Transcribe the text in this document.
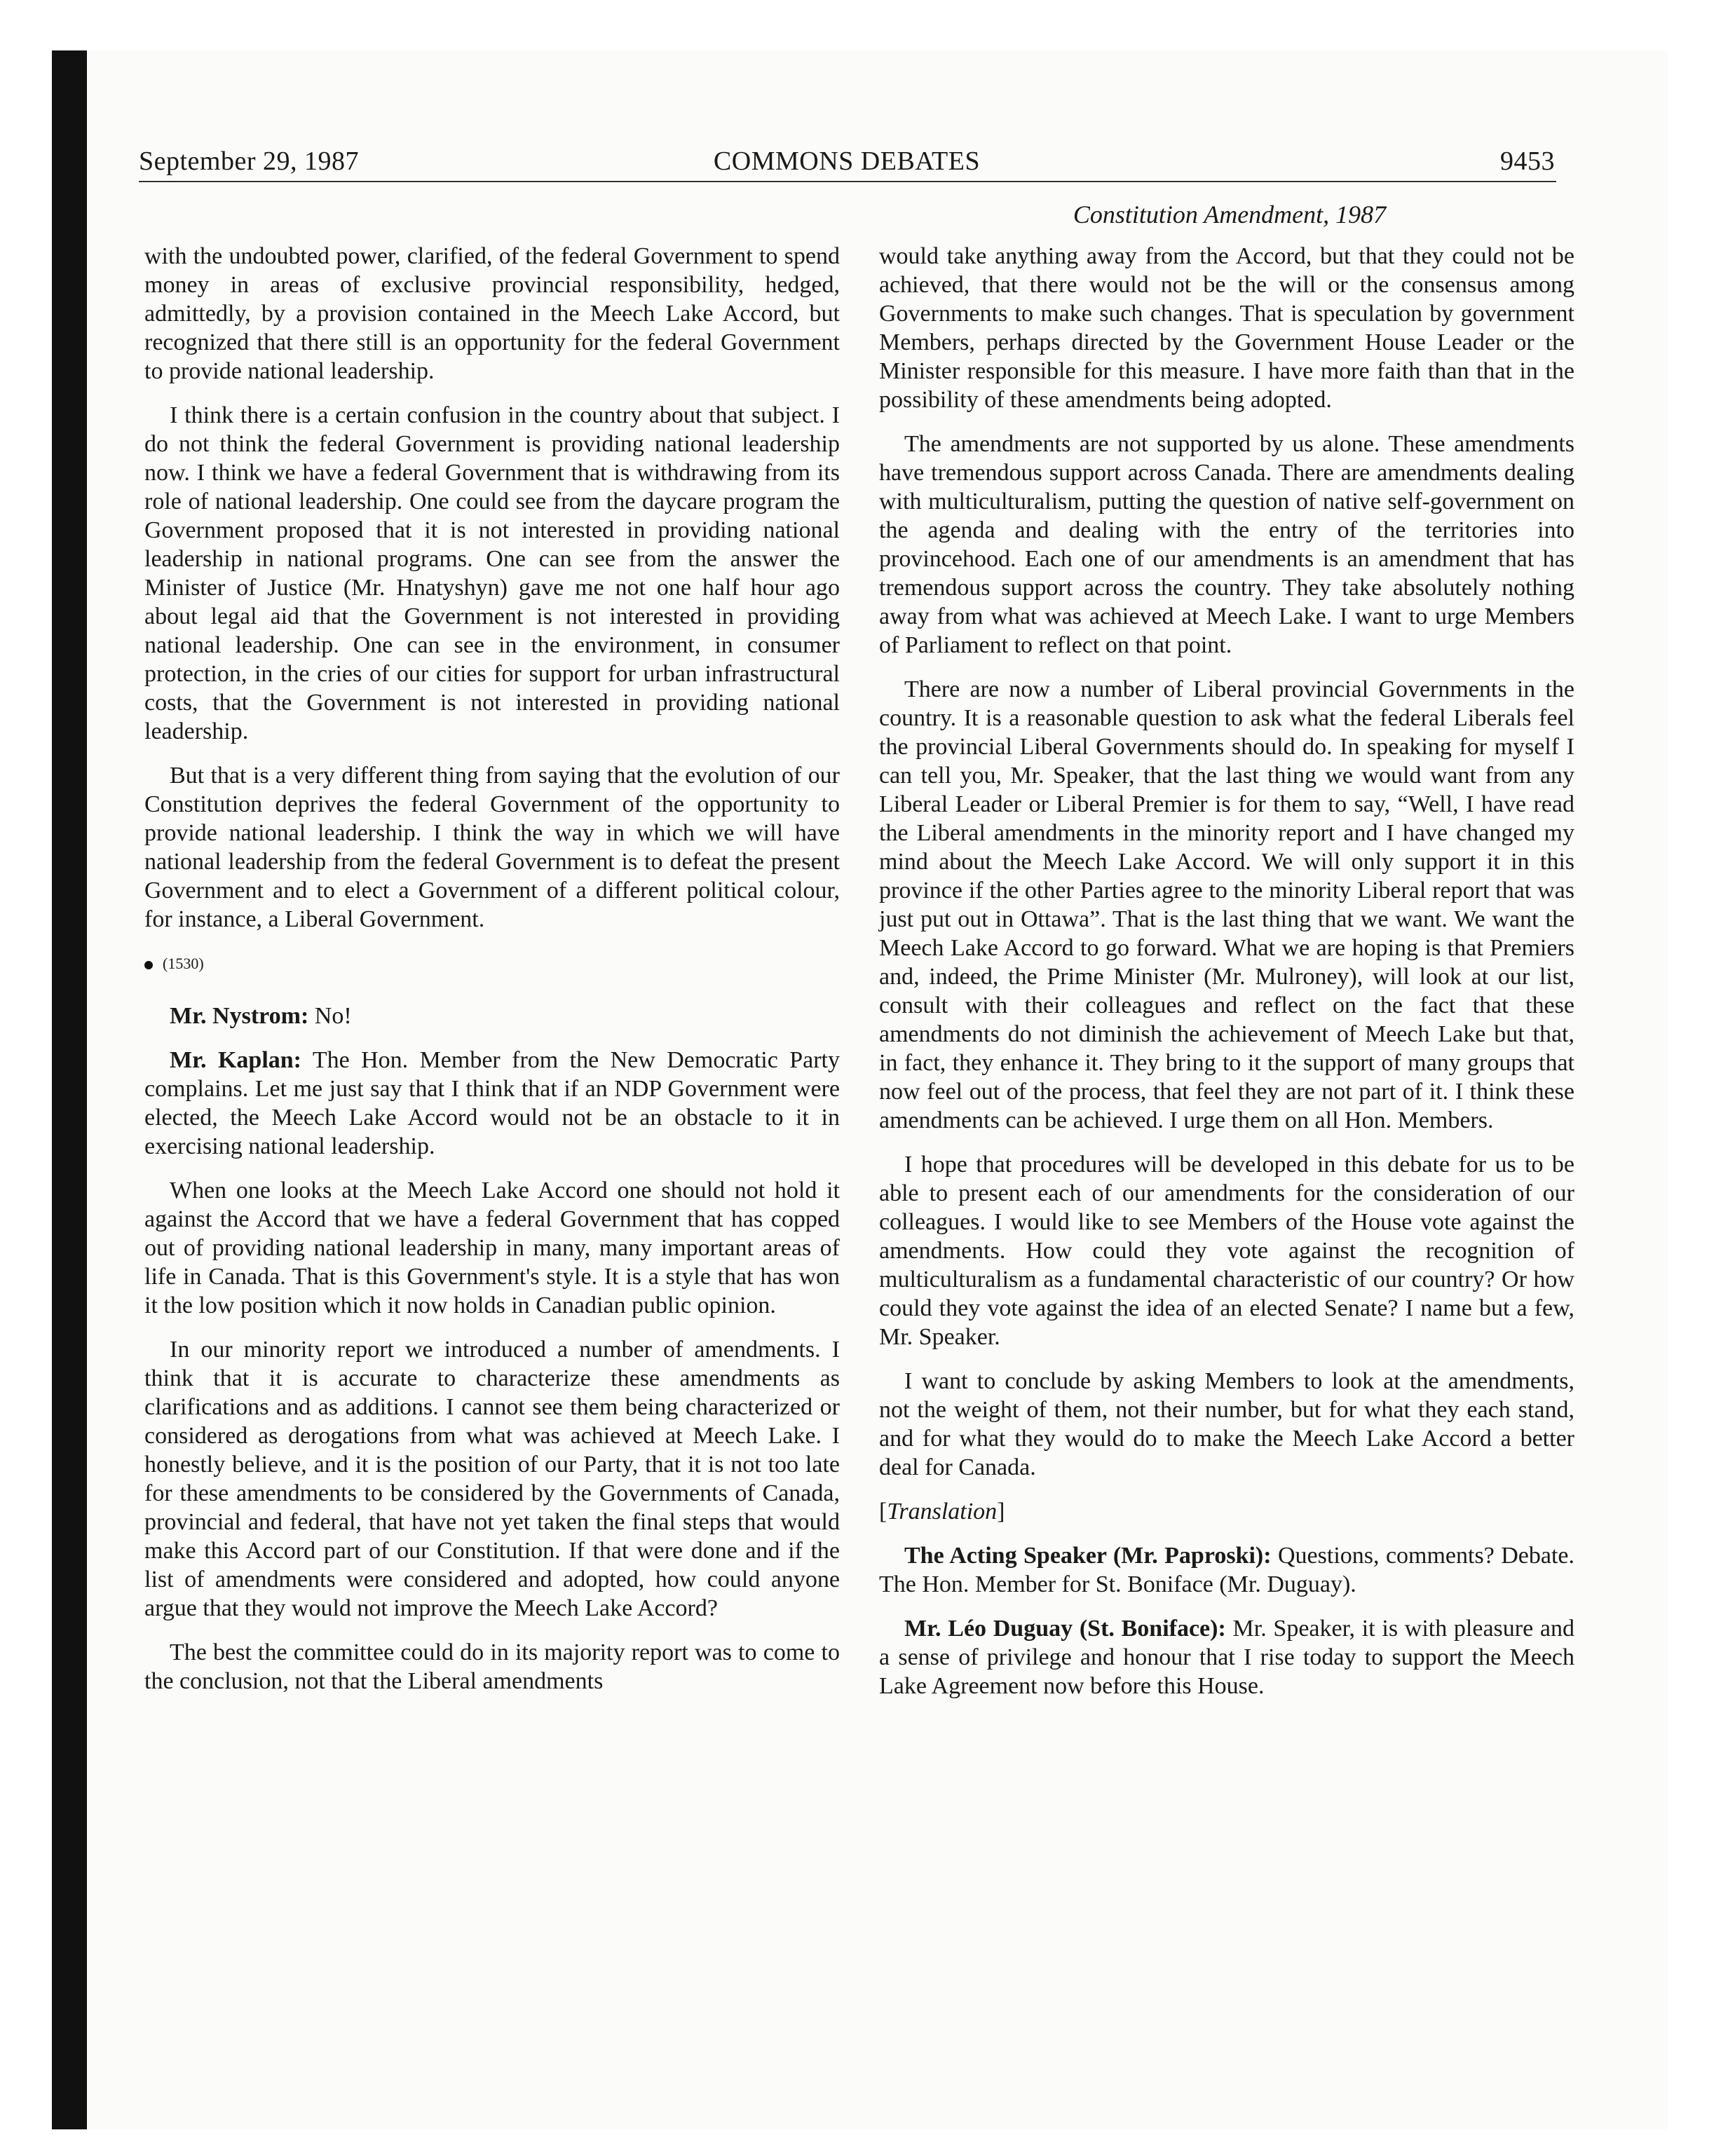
September 29, 1987	COMMONS DEBATES	9453
Constitution Amendment, 1987

with the undoubted power, clarified, of the federal Government to spend money in areas of exclusive provincial responsibility, hedged, admittedly, by a provision contained in the Meech Lake Accord, but recognized that there still is an opportunity for the federal Government to provide national leadership.

I think there is a certain confusion in the country about that subject. I do not think the federal Government is providing national leadership now. I think we have a federal Government that is withdrawing from its role of national leadership. One could see from the daycare program the Government proposed that it is not interested in providing national leadership in national programs. One can see from the answer the Minister of Justice (Mr. Hnatyshyn) gave me not one half hour ago about legal aid that the Government is not interested in providing national leadership. One can see in the environment, in consumer protection, in the cries of our cities for support for urban infrastructural costs, that the Government is not interested in providing national leadership.

But that is a very different thing from saying that the evolution of our Constitution deprives the federal Government of the opportunity to provide national leadership. I think the way in which we will have national leadership from the federal Government is to defeat the present Government and to elect a Government of a different political colour, for instance, a Liberal Government.

(1530)

Mr. Nystrom: No!

Mr. Kaplan: The Hon. Member from the New Democratic Party complains. Let me just say that I think that if an NDP Government were elected, the Meech Lake Accord would not be an obstacle to it in exercising national leadership.

When one looks at the Meech Lake Accord one should not hold it against the Accord that we have a federal Government that has copped out of providing national leadership in many, many important areas of life in Canada. That is this Government's style. It is a style that has won it the low position which it now holds in Canadian public opinion.

In our minority report we introduced a number of amendments. I think that it is accurate to characterize these amendments as clarifications and as additions. I cannot see them being characterized or considered as derogations from what was achieved at Meech Lake. I honestly believe, and it is the position of our Party, that it is not too late for these amendments to be considered by the Governments of Canada, provincial and federal, that have not yet taken the final steps that would make this Accord part of our Constitution. If that were done and if the list of amendments were considered and adopted, how could anyone argue that they would not improve the Meech Lake Accord?

The best the committee could do in its majority report was to come to the conclusion, not that the Liberal amendments

would take anything away from the Accord, but that they could not be achieved, that there would not be the will or the consensus among Governments to make such changes. That is speculation by government Members, perhaps directed by the Government House Leader or the Minister responsible for this measure. I have more faith than that in the possibility of these amendments being adopted.

The amendments are not supported by us alone. These amendments have tremendous support across Canada. There are amendments dealing with multiculturalism, putting the question of native self-government on the agenda and dealing with the entry of the territories into provincehood. Each one of our amendments is an amendment that has tremendous support across the country. They take absolutely nothing away from what was achieved at Meech Lake. I want to urge Members of Parliament to reflect on that point.

There are now a number of Liberal provincial Governments in the country. It is a reasonable question to ask what the federal Liberals feel the provincial Liberal Governments should do. In speaking for myself I can tell you, Mr. Speaker, that the last thing we would want from any Liberal Leader or Liberal Premier is for them to say, “Well, I have read the Liberal amendments in the minority report and I have changed my mind about the Meech Lake Accord. We will only support it in this province if the other Parties agree to the minority Liberal report that was just put out in Ottawa”. That is the last thing that we want. We want the Meech Lake Accord to go forward. What we are hoping is that Premiers and, indeed, the Prime Minister (Mr. Mulroney), will look at our list, consult with their colleagues and reflect on the fact that these amendments do not diminish the achievement of Meech Lake but that, in fact, they enhance it. They bring to it the support of many groups that now feel out of the process, that feel they are not part of it. I think these amendments can be achieved. I urge them on all Hon. Members.

I hope that procedures will be developed in this debate for us to be able to present each of our amendments for the consideration of our colleagues. I would like to see Members of the House vote against the amendments. How could they vote against the recognition of multiculturalism as a fundamental characteristic of our country? Or how could they vote against the idea of an elected Senate? I name but a few, Mr. Speaker.

I want to conclude by asking Members to look at the amendments, not the weight of them, not their number, but for what they each stand, and for what they would do to make the Meech Lake Accord a better deal for Canada.

[Translation]

The Acting Speaker (Mr. Paproski): Questions, comments? Debate. The Hon. Member for St. Boniface (Mr. Duguay).

Mr. Léo Duguay (St. Boniface): Mr. Speaker, it is with pleasure and a sense of privilege and honour that I rise today to support the Meech Lake Agreement now before this House.
